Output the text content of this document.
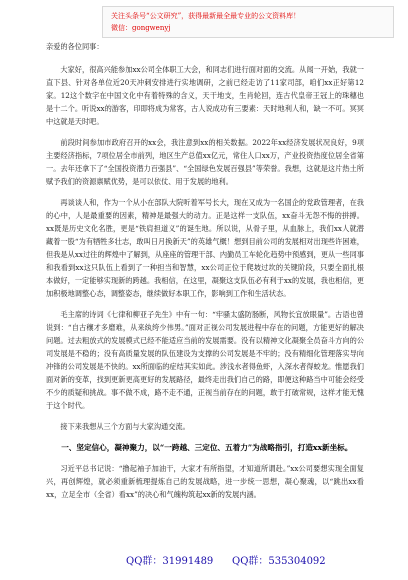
关注头条号“公文研究”，获得最新最全最专业的公文资料库！
微信：gongwenyj

亲爱的各位同事：

大家好，很高兴能参加xx公司全体职工大会，和同志们进行面对面的交流。从闻一开始，我就一直下县、针对各单位近20天冲刺安排进行实地调研，之前已经走访了11家司部，咱们xx正好第12家。12这个数字在中国文化中有着特殊的含义，天干地支，生肖轮回，连古代皇帝王冠上的珠穗也是十二个。听说xx的游客，印即将成为常客，古人说成功有三要素：天时地利人和，缺一不可。冥冥中这就是天时吧。

前段时间参加市政府召开的xx会，我注意到xx的相关数据。2022年xx经济发展状况良好，9项主要经济指标，7项位居全市前列，地区生产总值xx亿元，常住人口xx万，产业投资热度位居全省第一。去年还拿下了“全国投资潜力百强县”、“全国绿色发展百强县”等荣誉。我想，这就是这片热土所赋予我们的资源禀赋优势，是可以依仗、用于发展的地利。

再谈谈人和，作为一个从小在部队大院听着军号长大，现在又成为一名国企的党政管理者，在我的心中，人是最重要的因素，精神是最强大的动力。正是这样一支队伍，xx奋斗无怨不悔的拼搏。xx既是历史文化名胜，更是“铁肩担道义”的诞生地。所以说，从骨子里，从血脉上，我们xx人就潜藏着一股“为有牺牲多壮志，敢叫日月换新天”的英雄气概！想到目前公司的发展相对出现些许困难，但我是从xx过往的辉煌中了解到，从座座的管理干部、内勤员工车轮化趋势中预感到，更从一些同事和我看到xx这只队伍上看到了一种担当和智慧，xx公司正位于爬坡过坎的关键阶段，只要全面扎根本做好，一定能够实现新的跨越。我相信，在这里，凝聚这支队伍必有利于xx的发展，我也相信，更加积极地调整心态，调整姿态，继续做好本职工作，影响到工作和生活状态。

毛主席的诗词《七律和柳亚子先生》中有一句：“牢骚太盛防肠断，风物长宜放眼量”。古语也曾说到：“自古穰才多磨难，从来纨绔少伟男。”面对正视公司发展进程中存在的问题，方能更好的解决问题。过去粗放式的发展模式已经不能适应当前的发展需要。没有以精神文化凝聚全员奋斗方向的公司发展是不稳的；没有高质量发展的队伍建设为支撑的公司发展是不牢的；没有精细化管理落实导向冲锋的公司发展是不快的。xx所面临的症结其实如此。涉浅水者得鱼虾，入深水者得蛟龙。惟愿我们面对新的变革，找到更新更高更好的发展路径，最终走出我们自己的路，即便这种路当中可能会经受不少的质疑和挑战。事不做不成，路不走不通，正视当前存在的问题，敢于打破常规，这样才能无愧于这个时代。

接下来我想从三个方面与大家沟通交流。

一、坚定信心，凝神聚力，以“一跨越、三定位、五着力”为战略指引，打造xx新坐标。

习近平总书记说：“撸起袖子加油干，大家才有所指望，才知道所谓赴。”xx公司要想实现全面复兴，再创辉煌，就必须重新梳理提炼自己的发展战略，进一步统一思想，凝心聚魂，以“跳出xx看xx，立足全市（全省）看xx”的决心和气魄构筑起xx新的发展内涵。

QQ群：31991489 QQ群：535304092
